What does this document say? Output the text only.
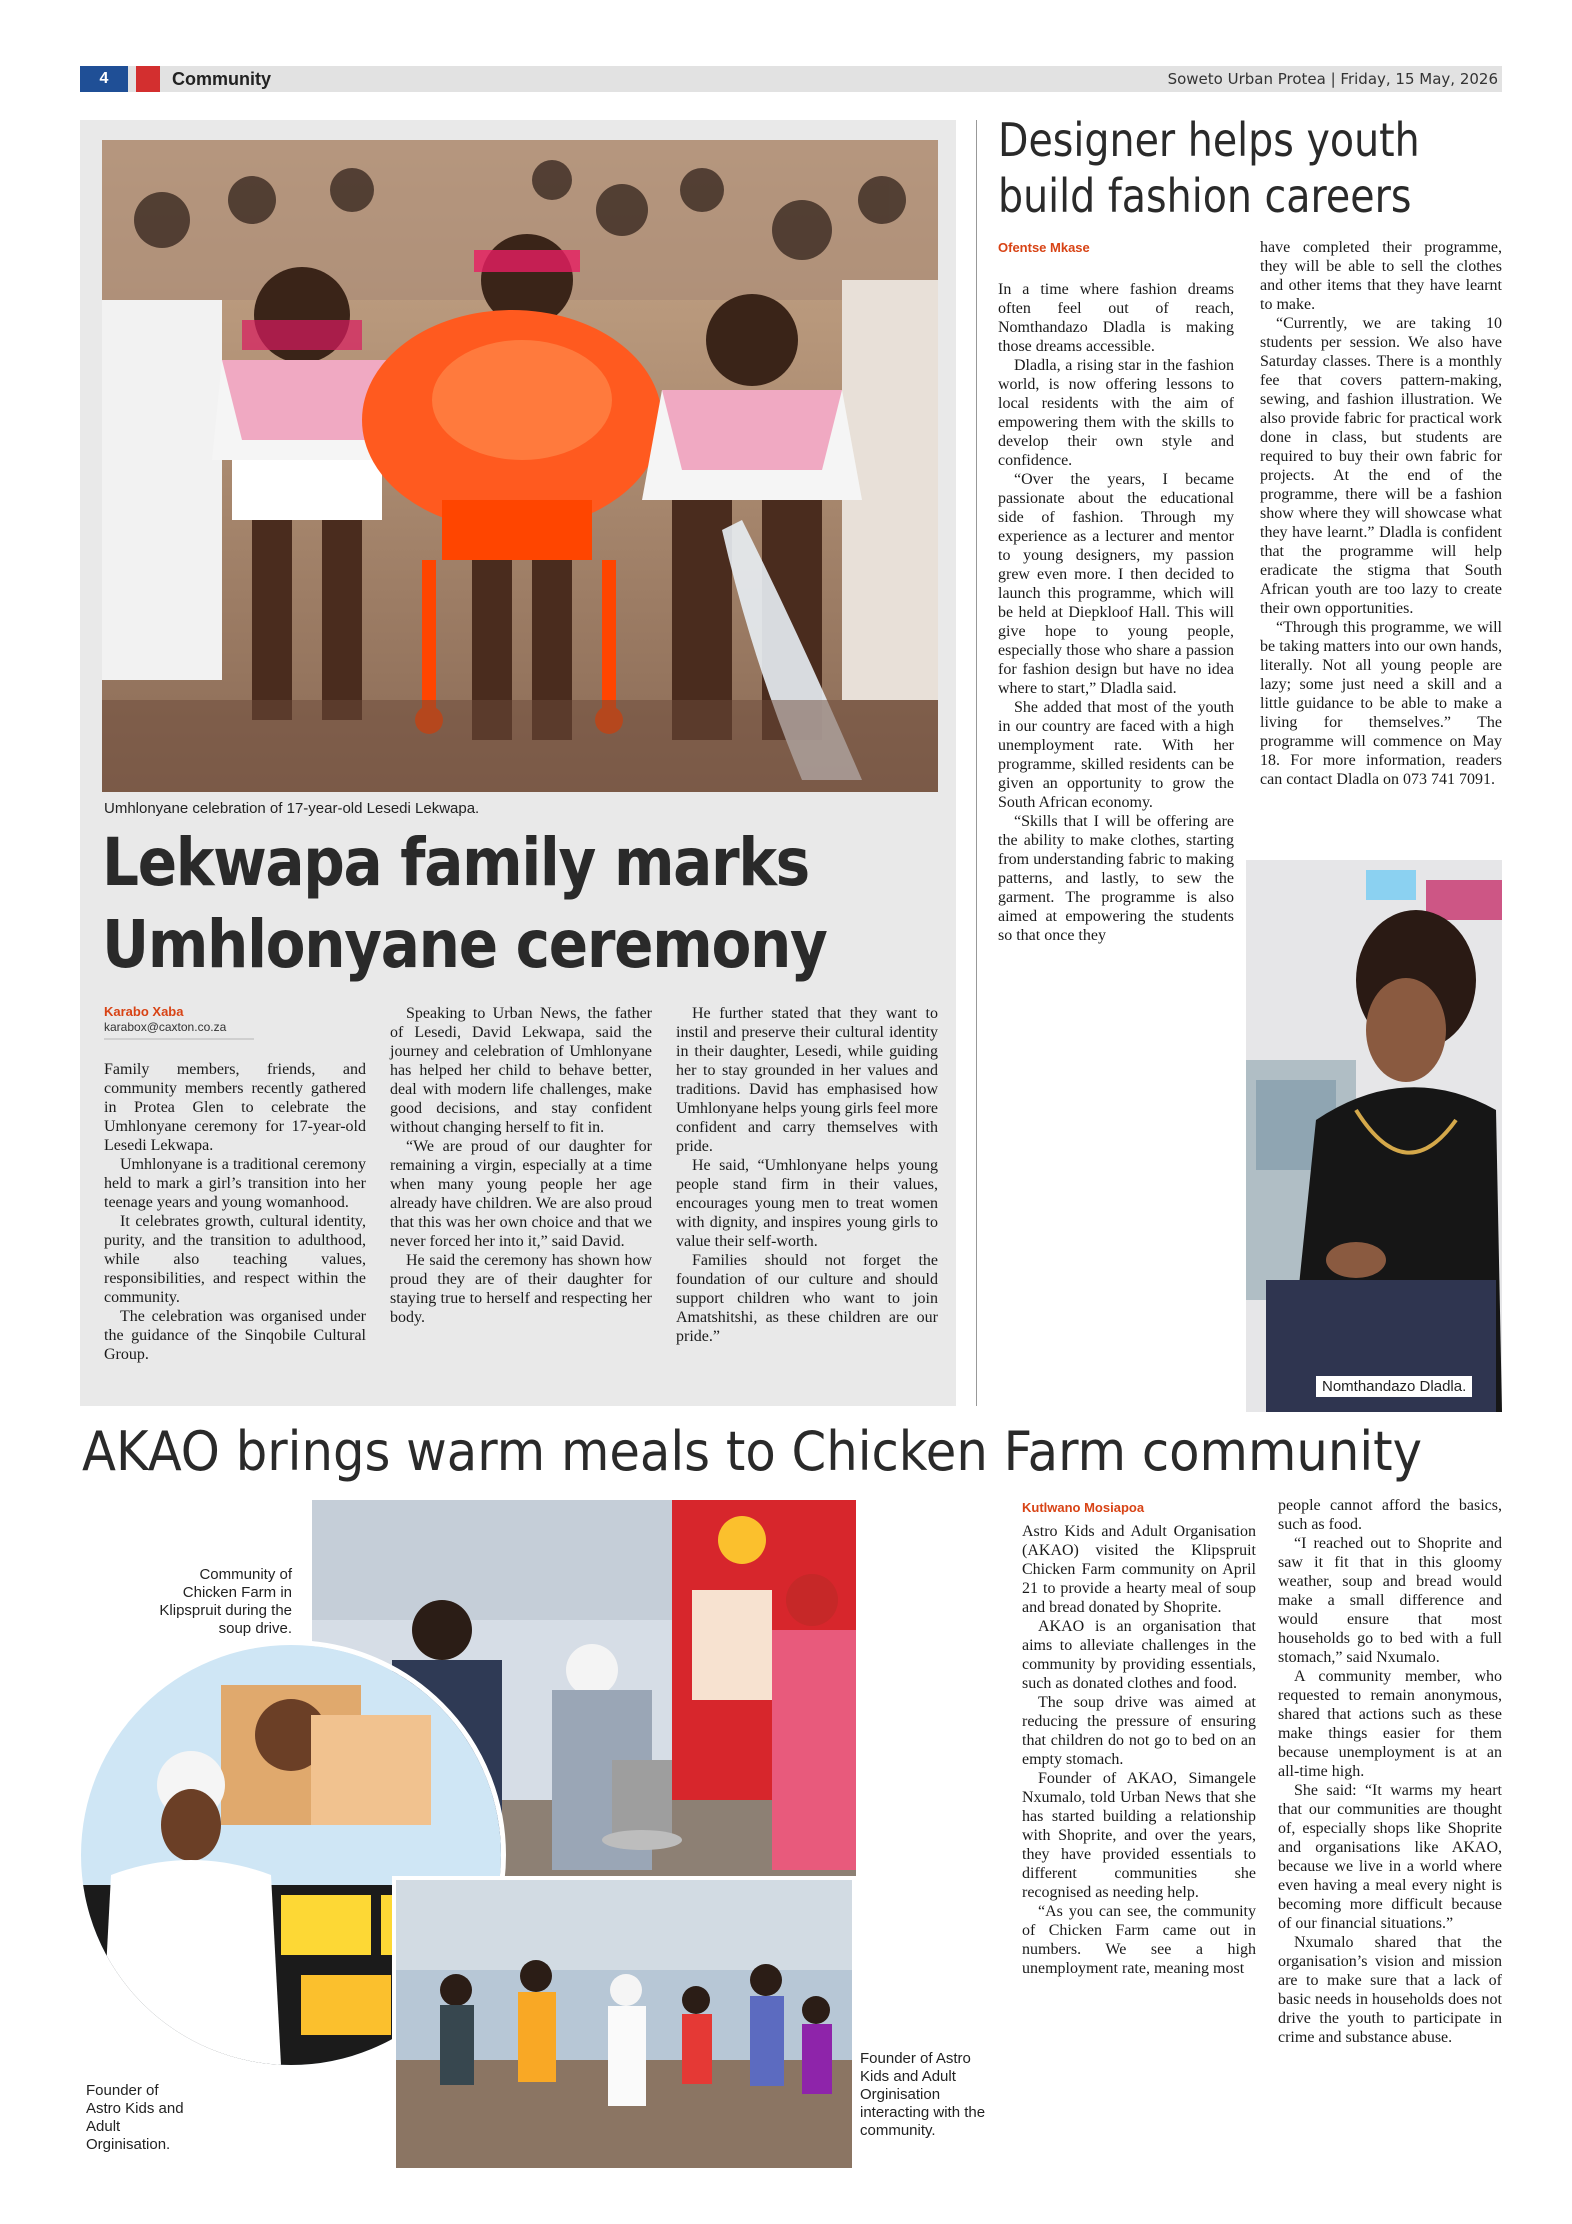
4	Community	Soweto Urban Protea | Friday, 15 May, 2026
Umhlonyane celebration of 17-year-old Lesedi Lekwapa.
Lekwapa family marks
Umhlonyane ceremony
Karabo Xaba
karabox@caxton.co.za

Family members, friends, and community members recently gathered in Protea Glen to celebrate the Umhlonyane ceremony for 17-year-old Lesedi Lekwapa.

Umhlonyane is a traditional ceremony held to mark a girl’s transition into her teenage years and young womanhood.

It celebrates growth, cultural identity, purity, and the transition to adulthood, while also teaching values, responsibilities, and respect within the community.

The celebration was organised under the guidance of the Sinqobile Cultural Group.

Speaking to Urban News, the father of Lesedi, David Lekwapa, said the journey and celebration of Umhlonyane has helped her child to behave better, deal with modern life challenges, make good decisions, and stay confident without changing herself to fit in.

“We are proud of our daughter for remaining a virgin, especially at a time when many young people her age already have children. We are also proud that this was her own choice and that we never forced her into it,” said David.

He said the ceremony has shown how proud they are of their daughter for staying true to herself and respecting her body.

He further stated that they want to instil and preserve their cultural identity in their daughter, Lesedi, while guiding her to stay grounded in her values and traditions. David has emphasised how Umhlonyane helps young girls feel more confident and carry themselves with pride.

He said, “Umhlonyane helps young people stand firm in their values, encourages young men to treat women with dignity, and inspires young girls to value their self-worth.

Families should not forget the foundation of our culture and should support children who want to join Amatshitshi, as these children are our pride.”

Designer helps youth
build fashion careers
Ofentse Mkase

In a time where fashion dreams often feel out of reach, Nomthandazo Dladla is making those dreams accessible.

Dladla, a rising star in the fashion world, is now offering lessons to local residents with the aim of empowering them with the skills to develop their own style and confidence.

“Over the years, I became passionate about the educational side of fashion. Through my experience as a lecturer and mentor to young designers, my passion grew even more. I then decided to launch this programme, which will be held at Diepkloof Hall. This will give hope to young people, especially those who share a passion for fashion design but have no idea where to start,” Dladla said.

She added that most of the youth in our country are faced with a high unemployment rate. With her programme, skilled residents can be given an opportunity to grow the South African economy.

“Skills that I will be offering are the ability to make clothes, starting from understanding fabric to making patterns, and lastly, to sew the garment. The programme is also aimed at empowering the students so that once they

have completed their programme, they will be able to sell the clothes and other items that they have learnt to make.

“Currently, we are taking 10 students per session. We also have Saturday classes. There is a monthly fee that covers pattern-making, sewing, and fashion illustration. We also provide fabric for practical work done in class, but students are required to buy their own fabric for projects. At the end of the programme, there will be a fashion show where they will showcase what they have learnt.” Dladla is confident that the programme will help eradicate the stigma that South African youth are too lazy to create their own opportunities.

“Through this programme, we will be taking matters into our own hands, literally. Not all young people are lazy; some just need a skill and a little guidance to be able to make a living for themselves.” The programme will commence on May 18. For more information, readers can contact Dladla on 073 741 7091.

Nomthandazo Dladla.
AKAO brings warm meals to Chicken Farm community
Community of Chicken Farm in Klipspruit during the soup drive.
Founder of Astro Kids and Adult Orginisation.
Founder of Astro Kids and Adult Orginisation interacting with the community.
Kutlwano Mosiapoa

Astro Kids and Adult Organisation (AKAO) visited the Klipspruit Chicken Farm community on April 21 to provide a hearty meal of soup and bread donated by Shoprite.

AKAO is an organisation that aims to alleviate challenges in the community by providing essentials, such as donated clothes and food.

The soup drive was aimed at reducing the pressure of ensuring that children do not go to bed on an empty stomach.

Founder of AKAO, Simangele Nxumalo, told Urban News that she has started building a relationship with Shoprite, and over the years, they have provided essentials to different communities she recognised as needing help.

“As you can see, the community of Chicken Farm came out in numbers. We see a high unemployment rate, meaning most

people cannot afford the basics, such as food.

“I reached out to Shoprite and saw it fit that in this gloomy weather, soup and bread would make a small difference and would ensure that most households go to bed with a full stomach,” said Nxumalo.

A community member, who requested to remain anonymous, shared that actions such as these make things easier for them because unemployment is at an all-time high.

She said: “It warms my heart that our communities are thought of, especially shops like Shoprite and organisations like AKAO, because we live in a world where even having a meal every night is becoming more difficult because of our financial situations.”

Nxumalo shared that the organisation’s vision and mission are to make sure that a lack of basic needs in households does not drive the youth to participate in crime and substance abuse.
